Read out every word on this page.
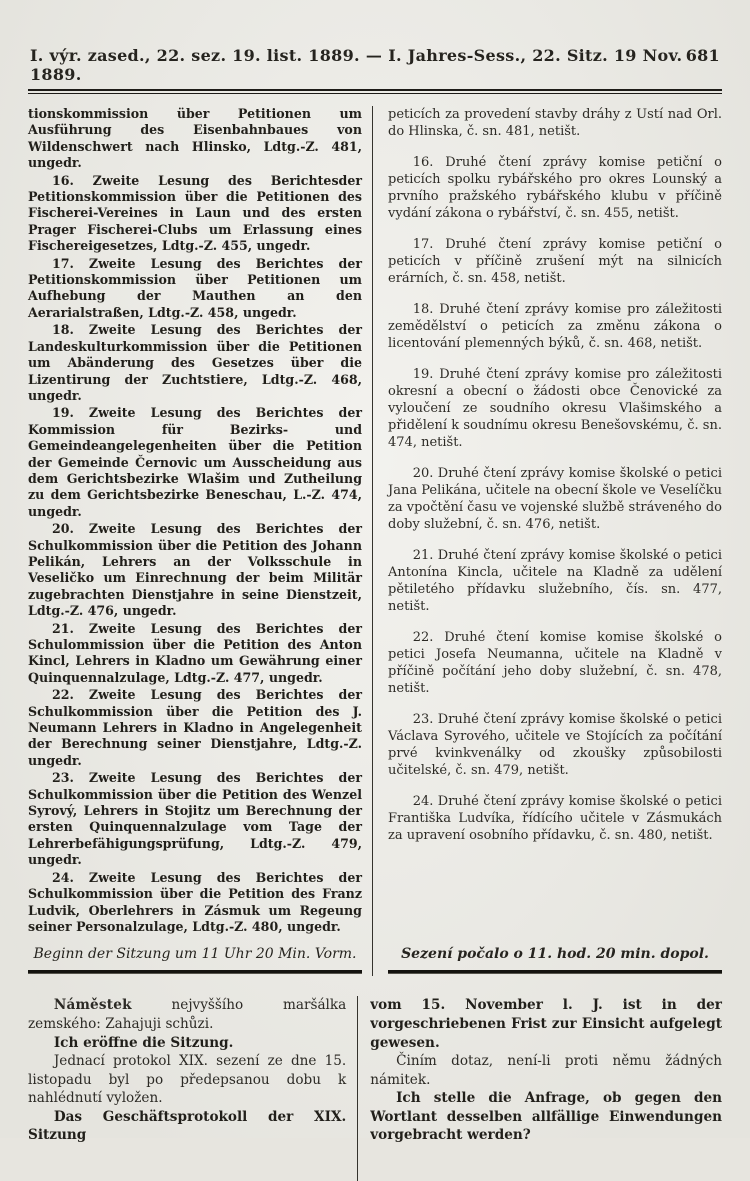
I. výr. zased., 22. sez. 19. list. 1889. — I. Jahres-Sess., 22. Sitz. 19 Nov. 1889.
681

tionskommission über Petitionen um Ausführung des Eisenbahnbaues von Wildenschwert nach Hlinsko, Ldtg.-Z. 481, ungedr.

16. Zweite Lesung des Berichtesder Petitionskommission über die Petitionen des Fischerei-Vereines in Laun und des ersten Prager Fischerei-Clubs um Erlassung eines Fischereigesetzes, Ldtg.-Z. 455, ungedr.

17. Zweite Lesung des Berichtes der Petitionskommission über Petitionen um Aufhebung der Mauthen an den Aerarialstraßen, Ldtg.-Z. 458, ungedr.

18. Zweite Lesung des Berichtes der Landeskulturkommission über die Petitionen um Abänderung des Gesetzes über die Lizentirung der Zuchtstiere, Ldtg.-Z. 468, ungedr.

19. Zweite Lesung des Berichtes der Kommission für Bezirks- und Gemeindeangelegenheiten über die Petition der Gemeinde Černovic um Ausscheidung aus dem Gerichtsbezirke Wlašim und Zutheilung zu dem Gerichtsbezirke Beneschau, L.-Z. 474, ungedr.

20. Zweite Lesung des Berichtes der Schulkommission über die Petition des Johann Pelikán, Lehrers an der Volksschule in Veseličko um Einrechnung der beim Militär zugebrachten Dienstjahre in seine Dienstzeit, Ldtg.-Z. 476, ungedr.

21. Zweite Lesung des Berichtes der Schulommission über die Petition des Anton Kincl, Lehrers in Kladno um Gewährung einer Quinquennalzulage, Ldtg.-Z. 477, ungedr.

22. Zweite Lesung des Berichtes der Schulkommission über die Petition des J. Neumann Lehrers in Kladno in Angelegenheit der Berechnung seiner Dienstjahre, Ldtg.-Z. ungedr.

23. Zweite Lesung des Berichtes der Schulkommission über die Petition des Wenzel Syrový, Lehrers in Stojitz um Berechnung der ersten Quinquennalzulage vom Tage der Lehrerbefähigungsprüfung, Ldtg.-Z. 479, ungedr.

24. Zweite Lesung des Berichtes der Schulkommission über die Petition des Franz Ludvik, Oberlehrers in Zásmuk um Regeung seiner Personalzulage, Ldtg.-Z. 480, ungedr.

peticích za provedení stavby dráhy z Ustí nad Orl. do Hlinska, č. sn. 481, netišt.

16. Druhé čtení zprávy komise petiční o peticích spolku rybářského pro okres Lounský a prvního pražského rybářského klubu v příčině vydání zákona o rybářství, č. sn. 455, netišt.

17. Druhé čtení zprávy komise petiční o peticích v příčině zrušení mýt na silnicích erárních, č. sn. 458, netišt.

18. Druhé čtení zprávy komise pro záležitosti zemědělství o peticích za změnu zákona o licentování plemenných býků, č. sn. 468, netišt.

19. Druhé čtení zprávy komise pro záležitosti okresní a obecní o žádosti obce Čenovické za vyloučení ze soudního okresu Vlašimského a přidělení k soudnímu okresu Benešovskému, č. sn. 474, netišt.

20. Druhé čtení zprávy komise školské o petici Jana Pelikána, učitele na obecní škole ve Veselíčku za vpočtění času ve vojenské službě stráveného do doby služební, č. sn. 476, netišt.

21. Druhé čtení zprávy komise školské o petici Antonína Kincla, učitele na Kladně za udělení pětiletého přídavku služebního, čís. sn. 477, netišt.

22. Druhé čtení komise komise školské o petici Josefa Neumanna, učitele na Kladně v příčině počítání jeho doby služební, č. sn. 478, netišt.

23. Druhé čtení zprávy komise školské o petici Václava Syrového, učitele ve Stojících za počítání prvé kvinkvenálky od zkoušky způsobilosti učitelské, č. sn. 479, netišt.

24. Druhé čtení zprávy komise školské o petici Františka Ludvíka, řídícího učitele v Zásmukách za upravení osobního přídavku, č. sn. 480, netišt.

Beginn der Sitzung um 11 Uhr 20 Min. Vorm.	Sezení počalo o 11. hod. 20 min. dopol.

Náměstek nejvyššího maršálka zemského: Zahajuji schůzi.

Ich eröffne die Sitzung.

Jednací protokol XIX. sezení ze dne 15. listopadu byl po předepsanou dobu k nahlédnutí vyložen.

Das Geschäftsprotokoll der XIX. Sitzung

vom 15. November l. J. ist in der vorgeschriebenen Frist zur Einsicht aufgelegt gewesen.

Činím dotaz, není-li proti němu žádných námitek.

Ich stelle die Anfrage, ob gegen den Wortlant desselben allfällige Einwendungen vorgebracht werden?
